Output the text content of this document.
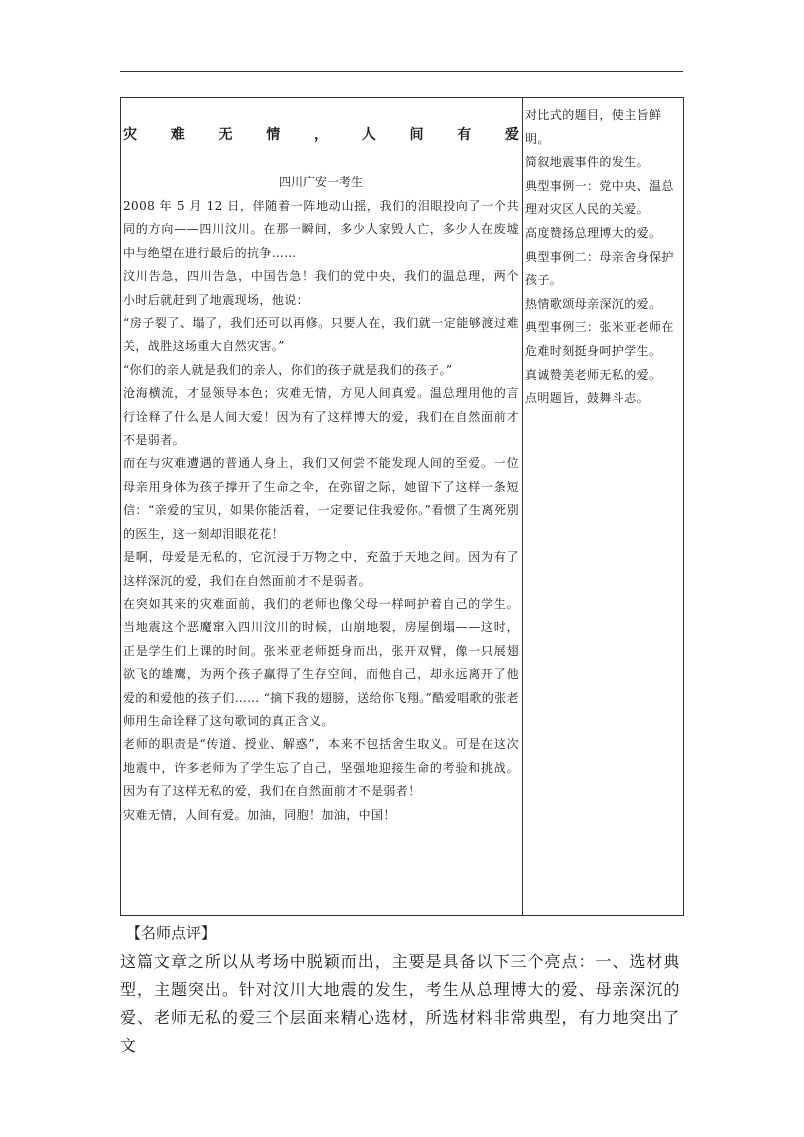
灾 难 无 情 ， 人 间 有 爱
四川广安一考生

2008 年 5 月 12 日，伴随着一阵地动山摇，我们的泪眼投向了一个共同的方向——四川汶川。在那一瞬间，多少人家毁人亡，多少人在废墟中与绝望在进行最后的抗争……

汶川告急，四川告急，中国告急！我们的党中央，我们的温总理，两个小时后就赶到了地震现场，他说：

“房子裂了、塌了，我们还可以再修。只要人在，我们就一定能够渡过难关，战胜这场重大自然灾害。”

“你们的亲人就是我们的亲人，你们的孩子就是我们的孩子。”

沧海横流，才显领导本色；灾难无情，方见人间真爱。温总理用他的言行诠释了什么是人间大爱！因为有了这样博大的爱，我们在自然面前才不是弱者。

而在与灾难遭遇的普通人身上，我们又何尝不能发现人间的至爱。一位母亲用身体为孩子撑开了生命之伞，在弥留之际，她留下了这样一条短信：“亲爱的宝贝，如果你能活着，一定要记住我爱你。”看惯了生离死别的医生，这一刻却泪眼花花！

是啊，母爱是无私的，它沉浸于万物之中，充盈于天地之间。因为有了这样深沉的爱，我们在自然面前才不是弱者。

在突如其来的灾难面前，我们的老师也像父母一样呵护着自己的学生。当地震这个恶魔窜入四川汶川的时候，山崩地裂，房屋倒塌——这时，正是学生们上课的时间。张米亚老师挺身而出，张开双臂，像一只展翅欲飞的雄鹰，为两个孩子赢得了生存空间，而他自己，却永远离开了他爱的和爱他的孩子们…… “摘下我的翅膀，送给你飞翔。”酷爱唱歌的张老师用生命诠释了这句歌词的真正含义。

老师的职责是“传道、授业、解惑”，本来不包括舍生取义。可是在这次地震中，许多老师为了学生忘了自己，坚强地迎接生命的考验和挑战。因为有了这样无私的爱，我们在自然面前才不是弱者！

灾难无情，人间有爱。加油，同胞！加油，中国！

对比式的题目，使主旨鲜明。

简叙地震事件的发生。

典型事例一：党中央、温总理对灾区人民的关爱。

高度赞扬总理博大的爱。

典型事例二：母亲舍身保护孩子。

热情歌颂母亲深沉的爱。

典型事例三：张米亚老师在危难时刻挺身呵护学生。

真诚赞美老师无私的爱。

点明题旨，鼓舞斗志。

【名师点评】
这篇文章之所以从考场中脱颖而出，主要是具备以下三个亮点：一、选材典型，主题突出。针对汶川大地震的发生，考生从总理博大的爱、母亲深沉的爱、老师无私的爱三个层面来精心选材，所选材料非常典型，有力地突出了文
